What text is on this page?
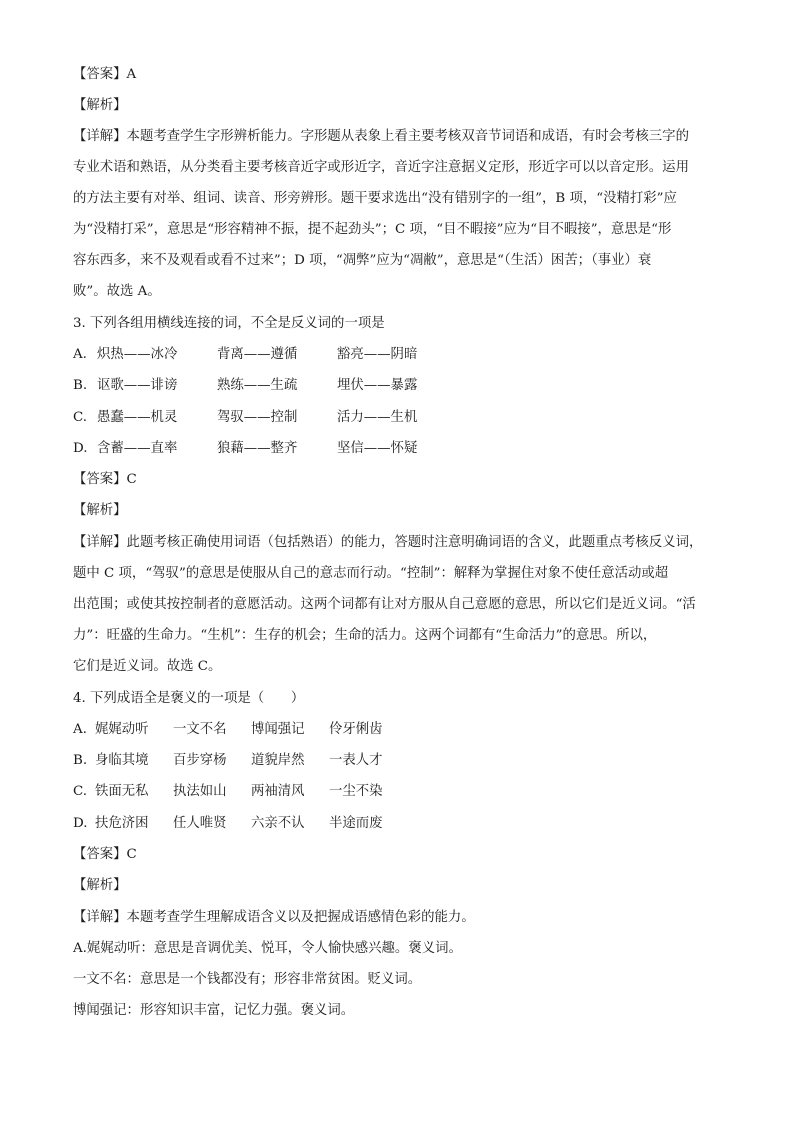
【答案】A
【解析】
【详解】本题考查学生字形辨析能力。字形题从表象上看主要考核双音节词语和成语，有时会考核三字的
专业术语和熟语，从分类看主要考核音近字或形近字，音近字注意据义定形，形近字可以以音定形。运用
的方法主要有对举、组词、读音、形旁辨形。题干要求选出“没有错别字的一组”，B 项，“没精打彩”应
为“没精打采”，意思是“形容精神不振，提不起劲头”；C 项，“目不暇接”应为“目不暇接”，意思是“形
容东西多，来不及观看或看不过来”；D 项，“凋弊”应为“凋敝”，意思是“（生活）困苦；（事业）衰
败”。故选 A。
3. 下列各组用横线连接的词，不全是反义词的一项是
A. 炽热——冰冷	背离——遵循	豁亮——阴暗
B. 讴歌——诽谤	熟练——生疏	埋伏——暴露
C. 愚蠢——机灵	驾驭——控制	活力——生机
D. 含蓄——直率	狼藉——整齐	坚信——怀疑
【答案】C
【解析】
【详解】此题考核正确使用词语（包括熟语）的能力，答题时注意明确词语的含义，此题重点考核反义词，
题中 C 项，“驾驭”的意思是使服从自己的意志而行动。“控制”：解释为掌握住对象不使任意活动或超
出范围；或使其按控制者的意愿活动。这两个词都有让对方服从自己意愿的意思，所以它们是近义词。“活
力”：旺盛的生命力。“生机”：生存的机会；生命的活力。这两个词都有“生命活力”的意思。所以，
它们是近义词。故选 C。
4. 下列成语全是褒义的一项是（　　）
A. 娓娓动听 一文不名 博闻强记 伶牙俐齿
B. 身临其境 百步穿杨 道貌岸然 一表人才
C. 铁面无私 执法如山 两袖清风 一尘不染
D. 扶危济困 任人唯贤 六亲不认 半途而废
【答案】C
【解析】
【详解】本题考查学生理解成语含义以及把握成语感情色彩的能力。
A.娓娓动听：意思是音调优美、悦耳，令人愉快感兴趣。褒义词。
一文不名：意思是一个钱都没有；形容非常贫困。贬义词。
博闻强记：形容知识丰富，记忆力强。褒义词。
